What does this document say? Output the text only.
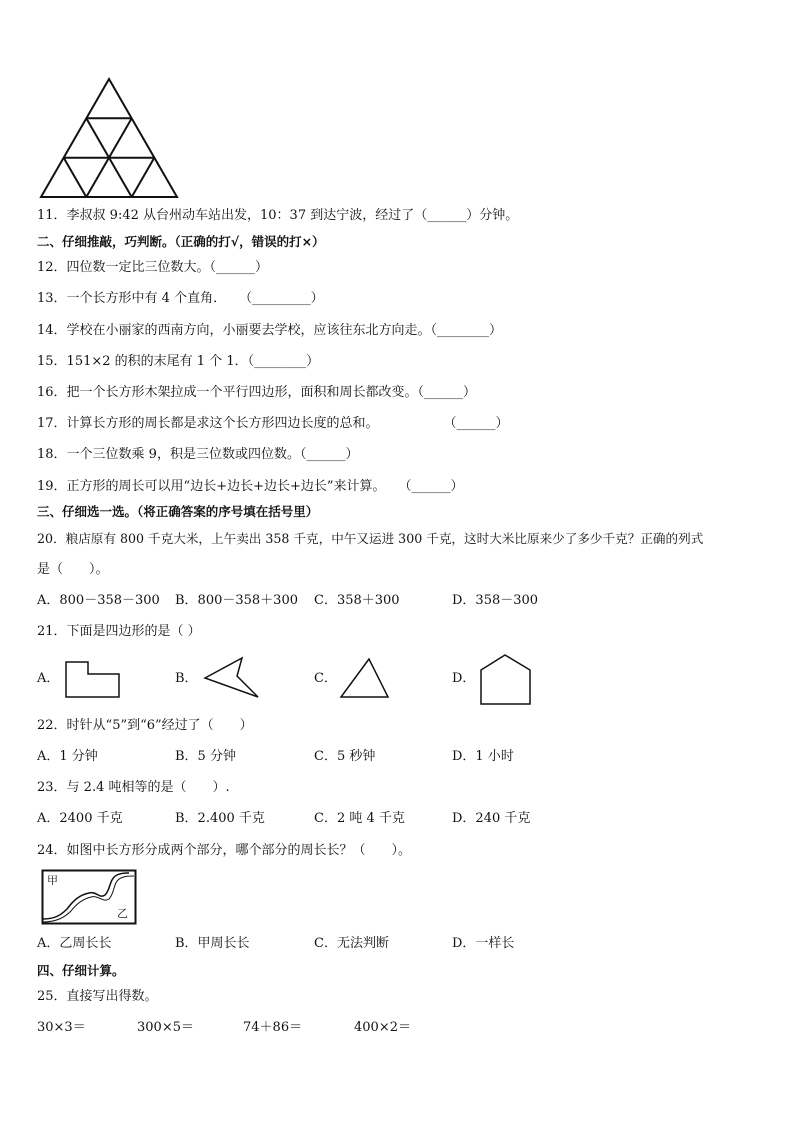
11．李叔叔 9:42 从台州动车站出发，10：37 到达宁波，经过了（______）分钟。
二、仔细推敲，巧判断。（正确的打√，错误的打×）
12．四位数一定比三位数大。（______）
13．一个长方形中有 4 个直角．　　（_________）
14．学校在小丽家的西南方向，小丽要去学校，应该往东北方向走。（________）
15．151×2 的积的末尾有 1 个 1．（________）
16．把一个长方形木架拉成一个平行四边形，面积和周长都改变。（______）
17．计算长方形的周长都是求这个长方形四边长度的总和。　　　　　　（______）
18．一个三位数乘 9，积是三位数或四位数。（______）
19．正方形的周长可以用“边长+边长+边长+边长”来计算。　　（______）
三、仔细选一选。（将正确答案的序号填在括号里）
20．粮店原有 800 千克大米，上午卖出 358 千克，中午又运进 300 千克，这时大米比原来少了多少千克？正确的列式
是（　　）。
A．800－358－300 B．800－358＋300 C．358＋300	D．358－300
21．下面是四边形的是（ ）
A．	B．	C．	D．
22．时针从“5”到“6”经过了（　　）
A．1 分钟	B．5 分钟	C．5 秒钟	D．1 小时
23．与 2.4 吨相等的是（　　）.
A．2400 千克	B．2.400 千克	C．2 吨 4 千克	D．240 千克
24．如图中长方形分成两个部分，哪个部分的周长长？（　　）。
甲
乙
A．乙周长长	B．甲周长长	C．无法判断	D．一样长
四、仔细计算。
25．直接写出得数。
30×3＝	300×5＝	74＋86＝	400×2＝
